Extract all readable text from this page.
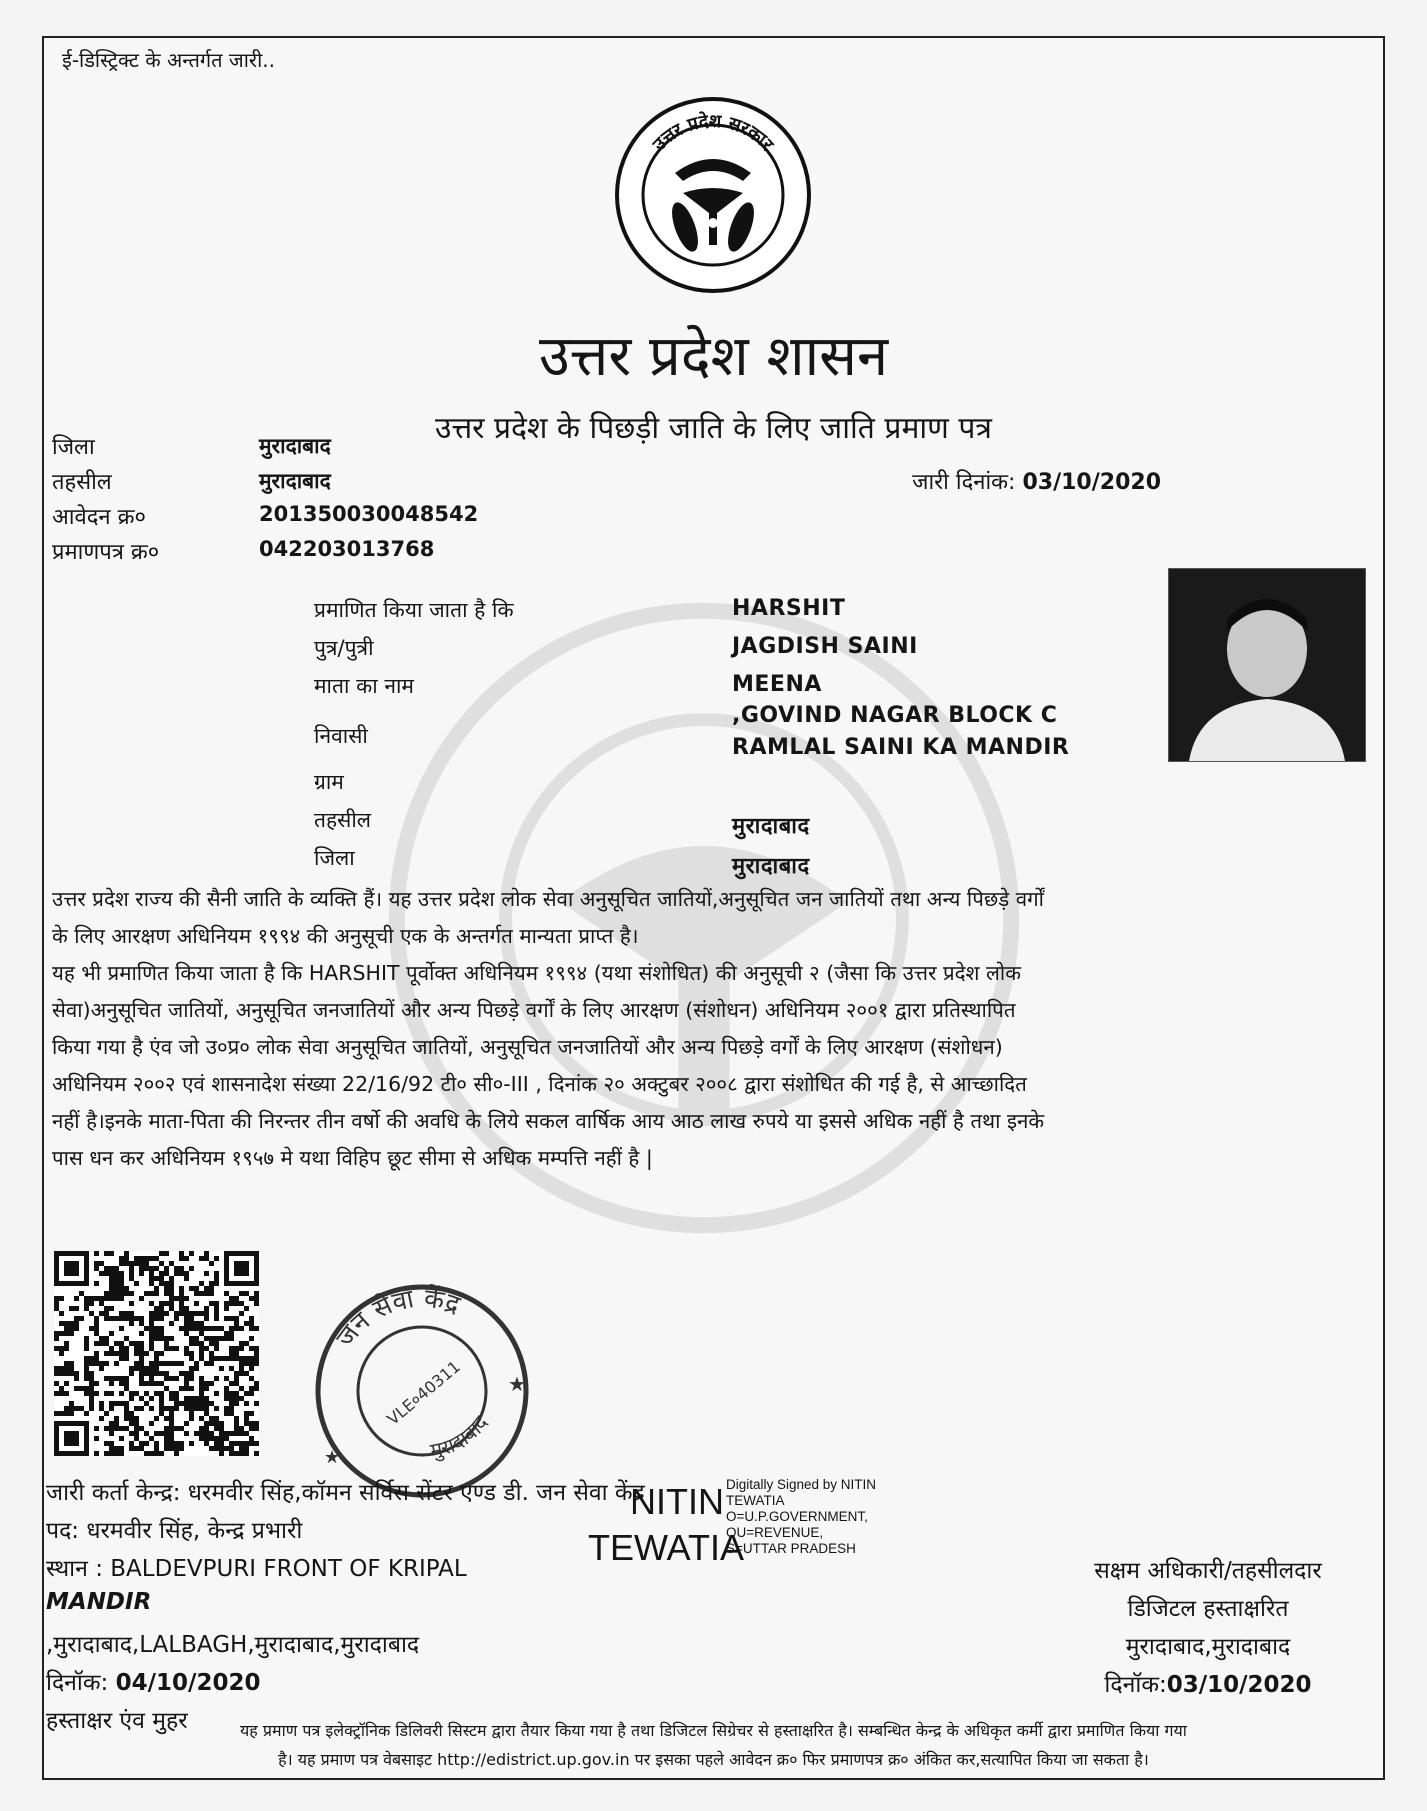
ई-डिस्ट्रिक्ट के अन्तर्गत जारी..
उत्तर प्रदेश सरकार
उत्तर प्रदेश शासन
उत्तर प्रदेश के पिछड़ी जाति के लिए जाति प्रमाण पत्र
जिला	मुरादाबाद
तहसील	मुरादाबाद
आवेदन क्र०	201350030048542
प्रमाणपत्र क्र०	042203013768
जारी दिनांक: 03/10/2020
प्रमाणित किया जाता है कि	HARSHIT
पुत्र/पुत्री	JAGDISH SAINI
माता का नाम	MEENA
निवासी
,GOVIND NAGAR BLOCK C
RAMLAL SAINI KA MANDIR
ग्राम
तहसील	मुरादाबाद
जिला	मुरादाबाद
उत्तर प्रदेश राज्य की सैनी जाति के व्यक्ति हैं। यह उत्तर प्रदेश लोक सेवा अनुसूचित जातियों,अनुसूचित जन जातियों तथा अन्य पिछड़े वर्गों
के लिए आरक्षण अधिनियम १९९४ की अनुसूची एक के अन्तर्गत मान्यता प्राप्त है।
यह भी प्रमाणित किया जाता है कि HARSHIT पूर्वोक्त अधिनियम १९९४ (यथा संशोधित) की अनुसूची २ (जैसा कि उत्तर प्रदेश लोक
सेवा)अनुसूचित जातियों, अनुसूचित जनजातियों और अन्य पिछड़े वर्गों के लिए आरक्षण (संशोधन) अधिनियम २००१ द्वारा प्रतिस्थापित
किया गया है एंव जो उ०प्र० लोक सेवा अनुसूचित जातियों, अनुसूचित जनजातियों और अन्य पिछड़े वर्गों के लिए आरक्षण (संशोधन)
अधिनियम २००२ एवं शासनादेश संख्या 22/16/92 टी० सी०-III , दिनांक २० अक्टुबर २००८ द्वारा संशोधित की गई है, से आच्छादित
नहीं है।इनके माता-पिता की निरन्तर तीन वर्षो की अवधि के लिये सकल वार्षिक आय आठ लाख रुपये या इससे अधिक नहीं है तथा इनके
पास धन कर अधिनियम १९५७ मे यथा विहिप छूट सीमा से अधिक मम्पत्ति नहीं है |
जन सेवा केंद्र
मुरादाबाद
VLE०40311 ★
★
जारी कर्ता केन्द्र: धरमवीर सिंह,कॉमन सर्विस सेंटर एण्ड डी. जन सेवा केंद्र
पद: धरमवीर सिंह, केन्द्र प्रभारी
स्थान : BALDEVPURI FRONT OF KRIPAL
MANDIR
,मुरादाबाद,LALBAGH,मुरादाबाद,मुरादाबाद
दिनॉक: 04/10/2020
हस्ताक्षर एंव मुहर
NITIN
TEWATIA
Digitally Signed by NITIN
TEWATIA
O=U.P.GOVERNMENT,
OU=REVENUE,
S=UTTAR PRADESH
सक्षम अधिकारी/तहसीलदार
डिजिटल हस्ताक्षरित
मुरादाबाद,मुरादाबाद
दिनॉक:03/10/2020
यह प्रमाण पत्र इलेक्ट्रॉनिक डिलिवरी सिस्टम द्वारा तैयार किया गया है तथा डिजिटल सिग्रेचर से हस्ताक्षरित है। सम्बन्धित केन्द्र के अधिकृत कर्मी द्वारा प्रमाणित किया गया
है। यह प्रमाण पत्र वेबसाइट http://edistrict.up.gov.in पर इसका पहले आवेदन क्र० फिर प्रमाणपत्र क्र० अंकित कर,सत्यापित किया जा सकता है।
